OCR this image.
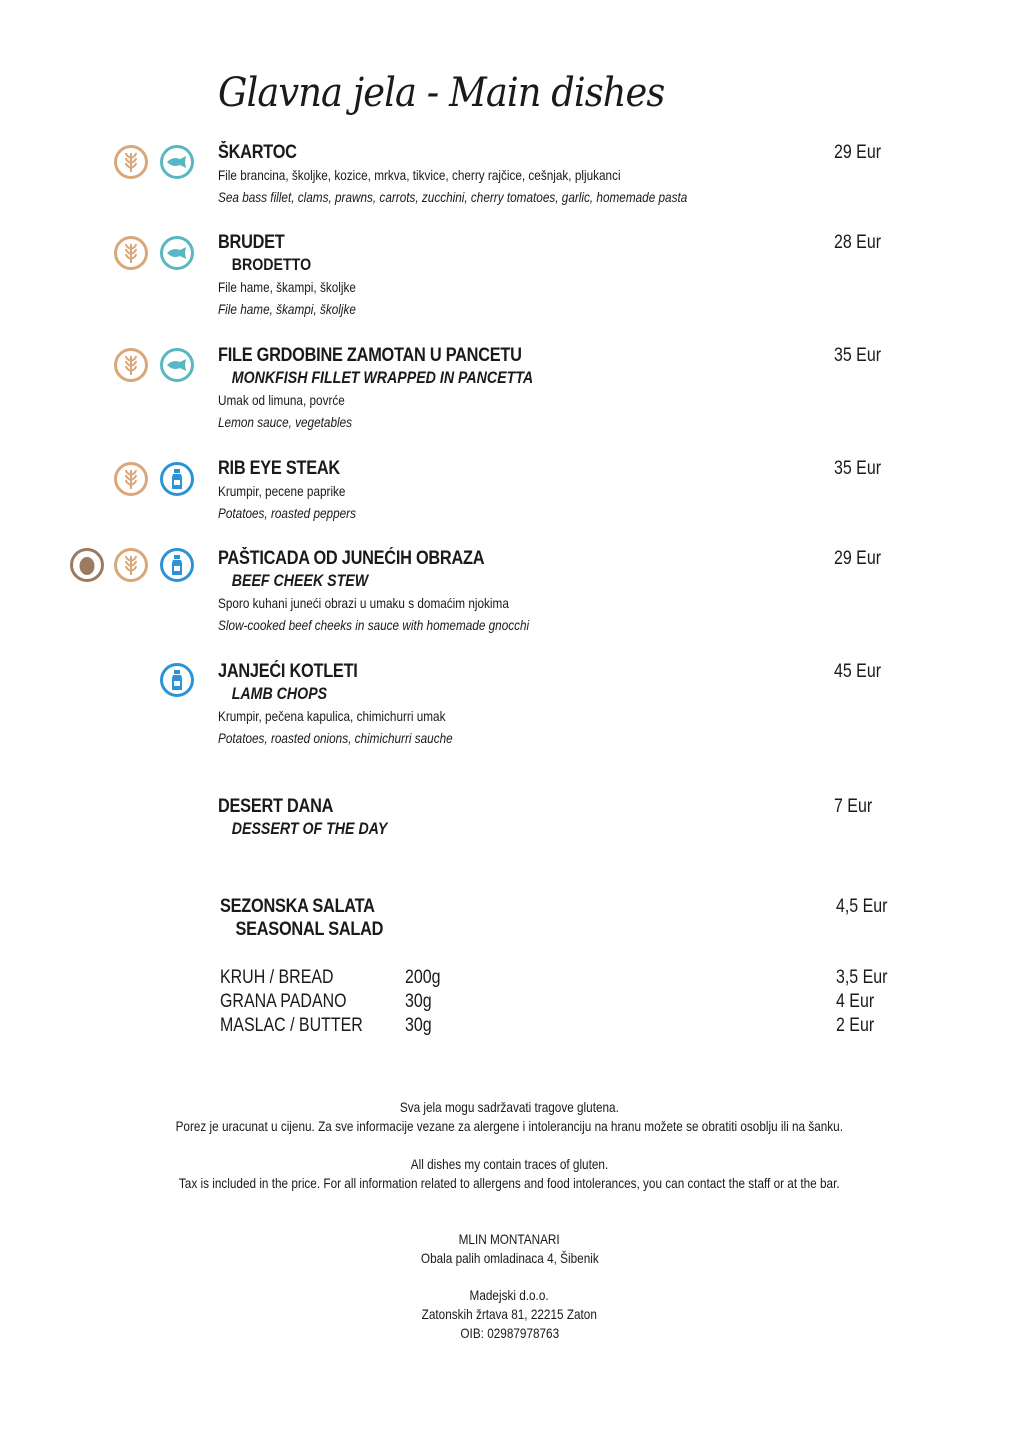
Glavna jela - Main dishes
ŠKARTOC
File brancina, školjke, kozice, mrkva, tikvice, cherry rajčice, cešnjak, pljukanci
Sea bass fillet, clams, prawns, carrots, zucchini, cherry tomatoes, garlic, homemade pasta
29 Eur
BRUDET
BRODETTO
File hame, škampi, školjke
File hame, škampi, školjke
28 Eur
FILE GRDOBINE ZAMOTAN U PANCETU
MONKFISH FILLET WRAPPED IN PANCETTA
Umak od limuna, povrće
Lemon sauce, vegetables
35 Eur
RIB EYE STEAK
Krumpir, pecene paprike
Potatoes, roasted peppers
35 Eur
PAŠTICADA OD JUNEĆIH OBRAZA
BEEF CHEEK STEW
Sporo kuhani juneći obrazi u umaku s domaćim njokima
Slow-cooked beef cheeks in sauce with homemade gnocchi
29 Eur
JANJEĆI KOTLETI
LAMB CHOPS
Krumpir, pečena kapulica, chimichurri umak
Potatoes, roasted onions, chimichurri sauche
45 Eur
DESERT DANA
DESSERT OF THE DAY
7 Eur
SEZONSKA SALATA
SEASONAL SALAD
4,5 Eur
KRUH / BREAD	200g	3,5 Eur
GRANA PADANO	30g	4 Eur
MASLAC / BUTTER 30g	2 Eur
Sva jela mogu sadržavati tragove glutena.
Porez je uracunat u cijenu. Za sve informacije vezane za alergene i intoleranciju na hranu možete se obratiti osoblju ili na šanku.
All dishes my contain traces of gluten.
Tax is included in the price. For all information related to allergens and food intolerances, you can contact the staff or at the bar.
MLIN MONTANARI
Obala palih omladinaca 4, Šibenik
Madejski d.o.o.
Zatonskih žrtava 81, 22215 Zaton
OIB: 02987978763
